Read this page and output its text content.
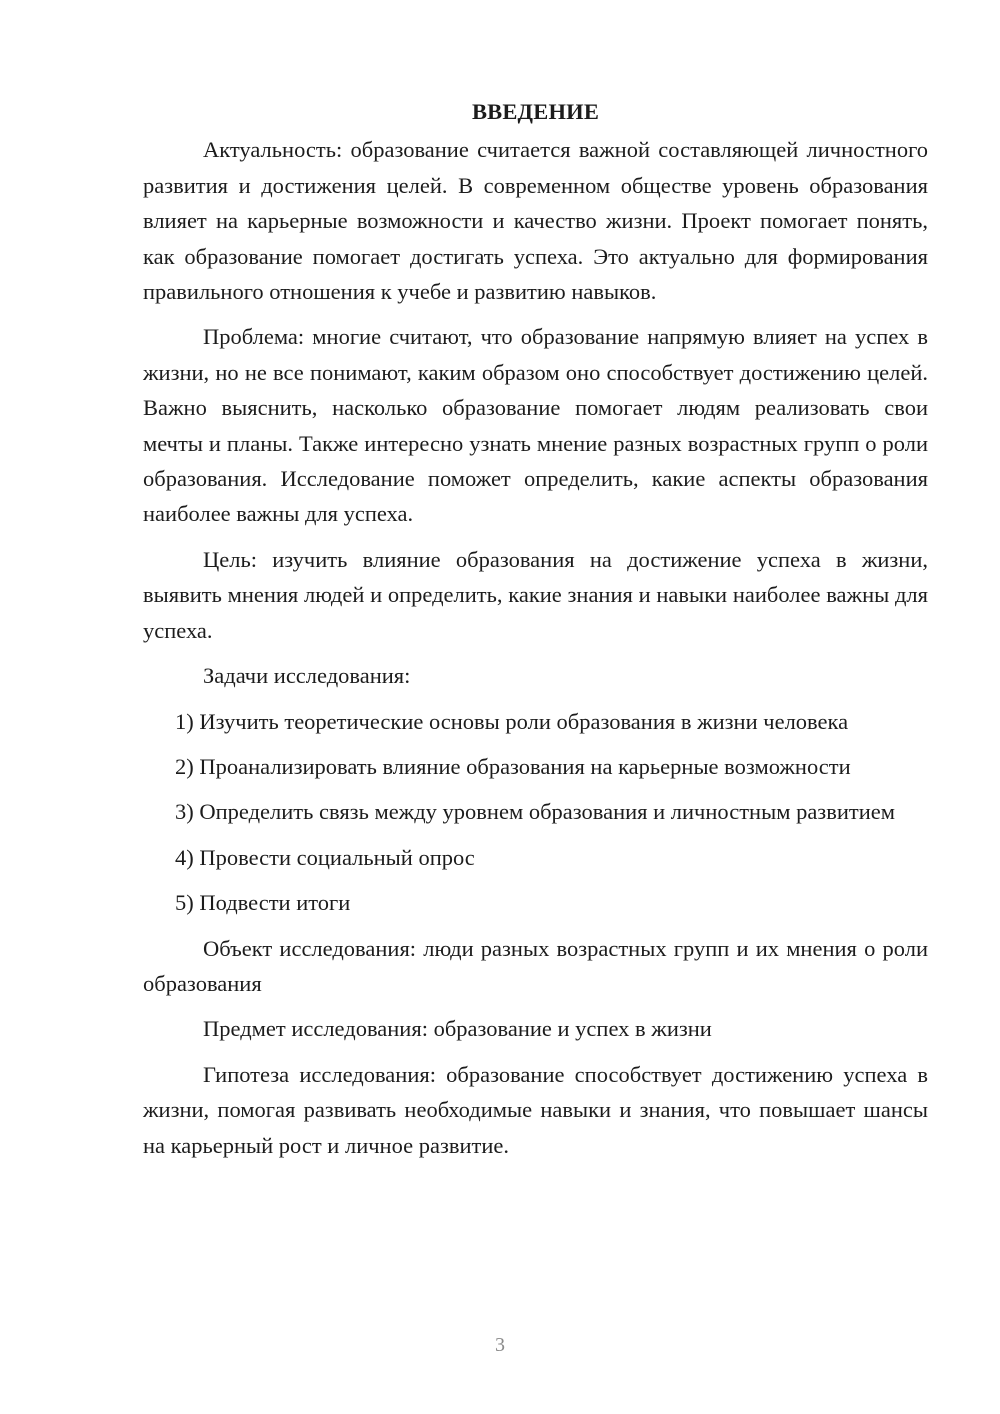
ВВЕДЕНИЕ

Актуальность: образование считается важной составляющей личностного развития и достижения целей. В современном обществе уровень образования влияет на карьерные возможности и качество жизни. Проект помогает понять, как образование помогает достигать успеха. Это актуально для формирования правильного отношения к учебе и развитию навыков.

Проблема: многие считают, что образование напрямую влияет на успех в жизни, но не все понимают, каким образом оно способствует достижению целей. Важно выяснить, насколько образование помогает людям реализовать свои мечты и планы. Также интересно узнать мнение разных возрастных групп о роли образования. Исследование поможет определить, какие аспекты образования наиболее важны для успеха.

Цель: изучить влияние образования на достижение успеха в жизни, выявить мнения людей и определить, какие знания и навыки наиболее важны для успеха.

Задачи исследования:

1) Изучить теоретические основы роли образования в жизни человека

2) Проанализировать влияние образования на карьерные возможности

3) Определить связь между уровнем образования и личностным развитием

4) Провести социальный опрос

5) Подвести итоги

Объект исследования: люди разных возрастных групп и их мнения о роли образования

Предмет исследования: образование и успех в жизни

Гипотеза исследования: образование способствует достижению успеха в жизни, помогая развивать необходимые навыки и знания, что повышает шансы на карьерный рост и личное развитие.

3
